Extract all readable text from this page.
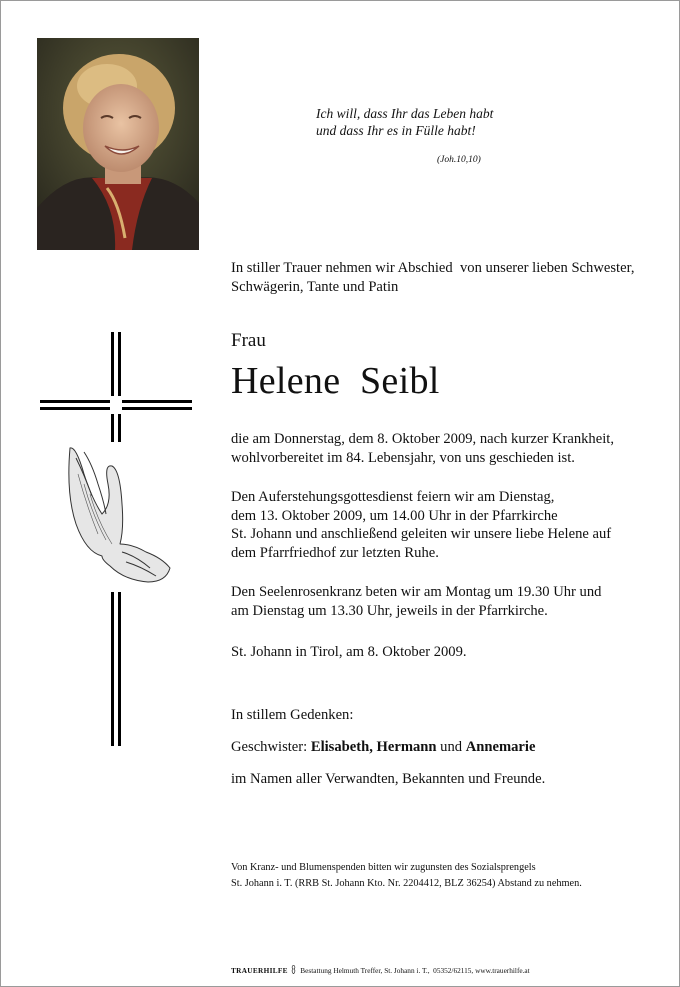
Ich will, dass Ihr das Leben habt
und dass Ihr es in Fülle habt!
(Joh.10,10)
In stiller Trauer nehmen wir Abschied  von unserer lieben Schwester,
Schwägerin, Tante und Patin
Frau
Helene  Seibl
die am Donnerstag, dem 8. Oktober 2009, nach kurzer Krankheit,
wohlvorbereitet im 84. Lebensjahr, von uns geschieden ist.
Den Auferstehungsgottesdienst feiern wir am Dienstag,
dem 13. Oktober 2009, um 14.00 Uhr in der Pfarrkirche
St. Johann und anschließend geleiten wir unsere liebe Helene auf
dem Pfarrfriedhof zur letzten Ruhe.
Den Seelenrosenkranz beten wir am Montag um 19.30 Uhr und
am Dienstag um 13.30 Uhr, jeweils in der Pfarrkirche.
St. Johann in Tirol, am 8. Oktober 2009.
In stillem Gedenken:
Geschwister: Elisabeth, Hermann und Annemarie
im Namen aller Verwandten, Bekannten und Freunde.
Von Kranz- und Blumenspenden bitten wir zugunsten des Sozialsprengels
St. Johann i. T. (RRB St. Johann Kto. Nr. 2204412, BLZ 36254) Abstand zu nehmen.
TRAUERHILFE   Bestattung Helmuth Treffer, St. Johann i. T.,  05352/62115, www.trauerhilfe.at
